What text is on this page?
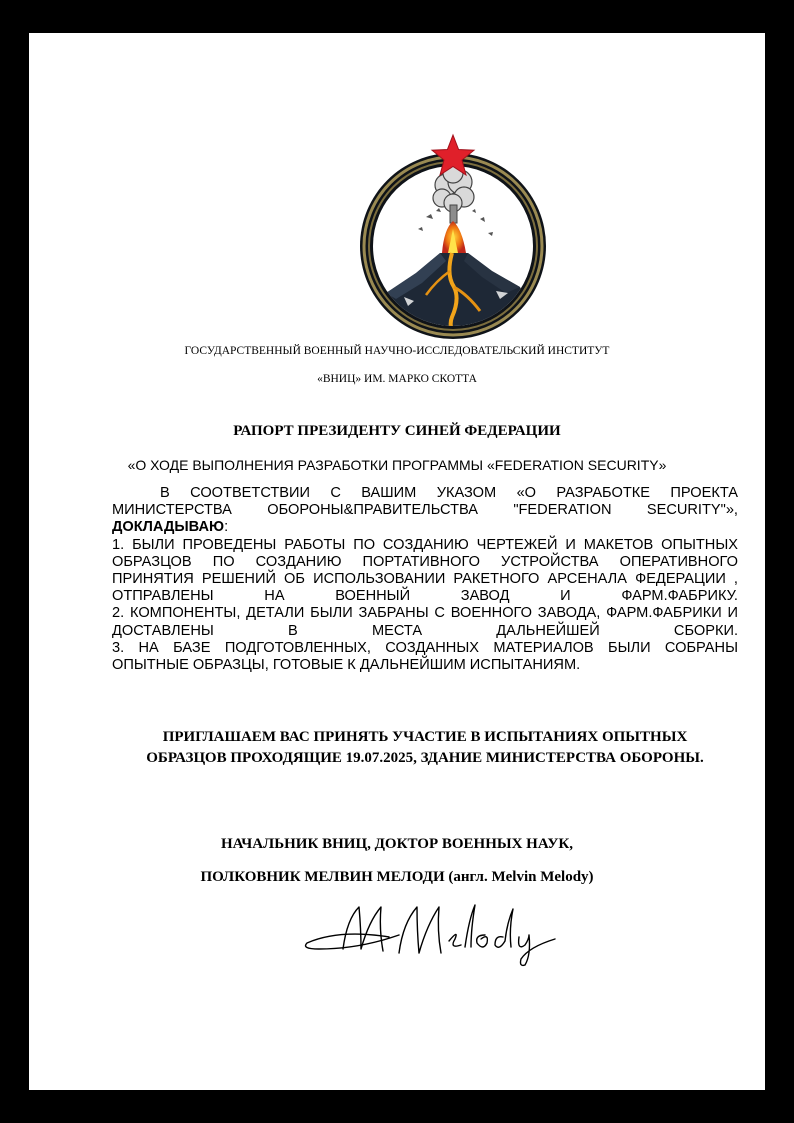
ГОСУДАРСТВЕННЫЙ ВОЕННЫЙ НАУЧНО-ИССЛЕДОВАТЕЛЬСКИЙ ИНСТИТУТ
«ВНИЦ» ИМ. МАРКО СКОТТА
РАПОРТ ПРЕЗИДЕНТУ СИНЕЙ ФЕДЕРАЦИИ
«О ХОДЕ ВЫПОЛНЕНИЯ РАЗРАБОТКИ ПРОГРАММЫ «FEDERATION SECURITY»

В СООТВЕТСТВИИ С ВАШИМ УКАЗОМ «О РАЗРАБОТКЕ ПРОЕКТА МИНИСТЕРСТВА ОБОРОНЫ&ПРАВИТЕЛЬСТВА "FEDERATION SECURITY"», ДОКЛАДЫВАЮ:

1. БЫЛИ ПРОВЕДЕНЫ РАБОТЫ ПО СОЗДАНИЮ ЧЕРТЕЖЕЙ И МАКЕТОВ ОПЫТНЫХ ОБРАЗЦОВ ПО СОЗДАНИЮ ПОРТАТИВНОГО УСТРОЙСТВА ОПЕРАТИВНОГО ПРИНЯТИЯ РЕШЕНИЙ ОБ ИСПОЛЬЗОВАНИИ РАКЕТНОГО АРСЕНАЛА ФЕДЕРАЦИИ , ОТПРАВЛЕНЫ НА ВОЕННЫЙ ЗАВОД И ФАРМ.ФАБРИКУ.

2. КОМПОНЕНТЫ, ДЕТАЛИ БЫЛИ ЗАБРАНЫ С ВОЕННОГО ЗАВОДА, ФАРМ.ФАБРИКИ И ДОСТАВЛЕНЫ В МЕСТА ДАЛЬНЕЙШЕЙ СБОРКИ.

3. НА БАЗЕ ПОДГОТОВЛЕННЫХ, СОЗДАННЫХ МАТЕРИАЛОВ БЫЛИ СОБРАНЫ ОПЫТНЫЕ ОБРАЗЦЫ, ГОТОВЫЕ К ДАЛЬНЕЙШИМ ИСПЫТАНИЯМ.

ПРИГЛАШАЕМ ВАС ПРИНЯТЬ УЧАСТИЕ В ИСПЫТАНИЯХ ОПЫТНЫХ
ОБРАЗЦОВ ПРОХОДЯЩИЕ 19.07.2025, ЗДАНИЕ МИНИСТЕРСТВА ОБОРОНЫ.
НАЧАЛЬНИК ВНИЦ, ДОКТОР ВОЕННЫХ НАУК,
ПОЛКОВНИК МЕЛВИН МЕЛОДИ (англ. Melvin Melody)
